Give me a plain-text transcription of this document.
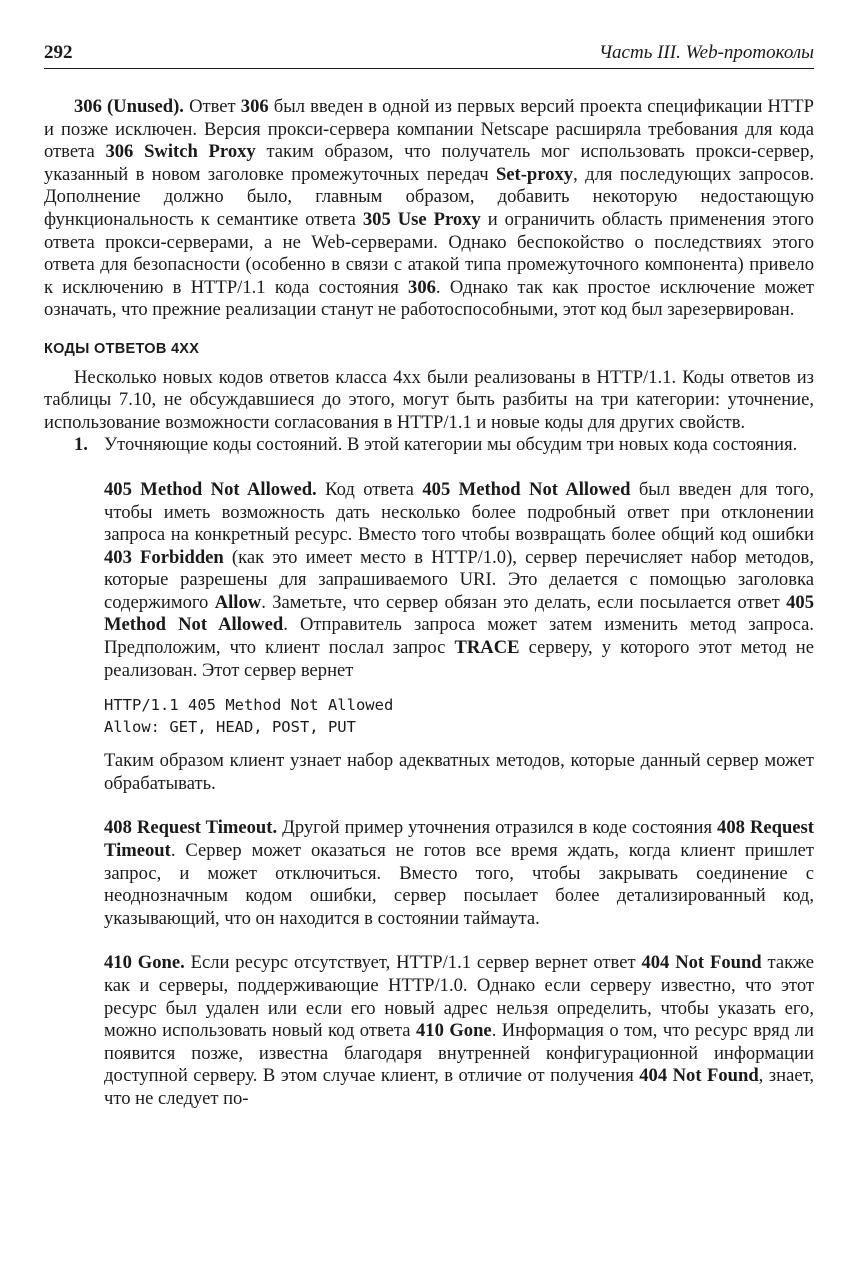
292	Часть III. Web-протоколы

306 (Unused). Ответ 306 был введен в одной из первых версий проекта спецификации HTTP и позже исключен. Версия прокси-сервера компании Netscape расширяла требования для кода ответа 306 Switch Proxy таким образом, что получатель мог использовать прокси-сервер, указанный в новом заголовке промежуточных передач Set-proxy, для последующих запросов. Дополнение должно было, главным образом, добавить некоторую недостающую функциональность к семантике ответа 305 Use Proxy и ограничить область применения этого ответа прокси-серверами, а не Web-серверами. Однако беспокойство о последствиях этого ответа для безопасности (особенно в связи с атакой типа промежуточного компонента) привело к исключению в HTTP/1.1 кода состояния 306. Однако так как простое исключение может означать, что прежние реализации станут не работоспособными, этот код был зарезервирован.

КОДЫ ОТВЕТОВ 4XX

Несколько новых кодов ответов класса 4xx были реализованы в HTTP/1.1. Коды ответов из таблицы 7.10, не обсуждавшиеся до этого, могут быть разбиты на три категории: уточнение, использование возможности согласования в HTTP/1.1 и новые коды для других свойств.

1. Уточняющие коды состояний. В этой категории мы обсудим три новых кода состояния.

405 Method Not Allowed. Код ответа 405 Method Not Allowed был введен для того, чтобы иметь возможность дать несколько более подробный ответ при отклонении запроса на конкретный ресурс. Вместо того чтобы возвращать более общий код ошибки 403 Forbidden (как это имеет место в HTTP/1.0), сервер перечисляет набор методов, которые разрешены для запрашиваемого URI. Это делается с помощью заголовка содержимого Allow. Заметьте, что сервер обязан это делать, если посылается ответ 405 Method Not Allowed. Отправитель запроса может затем изменить метод запроса. Предположим, что клиент послал запрос TRACE серверу, у которого этот метод не реализован. Этот сервер вернет

HTTP/1.1 405 Method Not Allowed
Allow: GET, HEAD, POST, PUT

Таким образом клиент узнает набор адекватных методов, которые данный сервер может обрабатывать.

408 Request Timeout. Другой пример уточнения отразился в коде состояния 408 Request Timeout. Сервер может оказаться не готов все время ждать, когда клиент пришлет запрос, и может отключиться. Вместо того, чтобы закрывать соединение с неоднозначным кодом ошибки, сервер посылает более детализированный код, указывающий, что он находится в состоянии таймаута.

410 Gone. Если ресурс отсутствует, HTTP/1.1 сервер вернет ответ 404 Not Found также как и серверы, поддерживающие HTTP/1.0. Однако если серверу известно, что этот ресурс был удален или если его новый адрес нельзя определить, чтобы указать его, можно использовать новый код ответа 410 Gone. Информация о том, что ресурс вряд ли появится позже, известна благодаря внутренней конфигурационной информации доступной серверу. В этом случае клиент, в отличие от получения 404 Not Found, знает, что не следует по-
